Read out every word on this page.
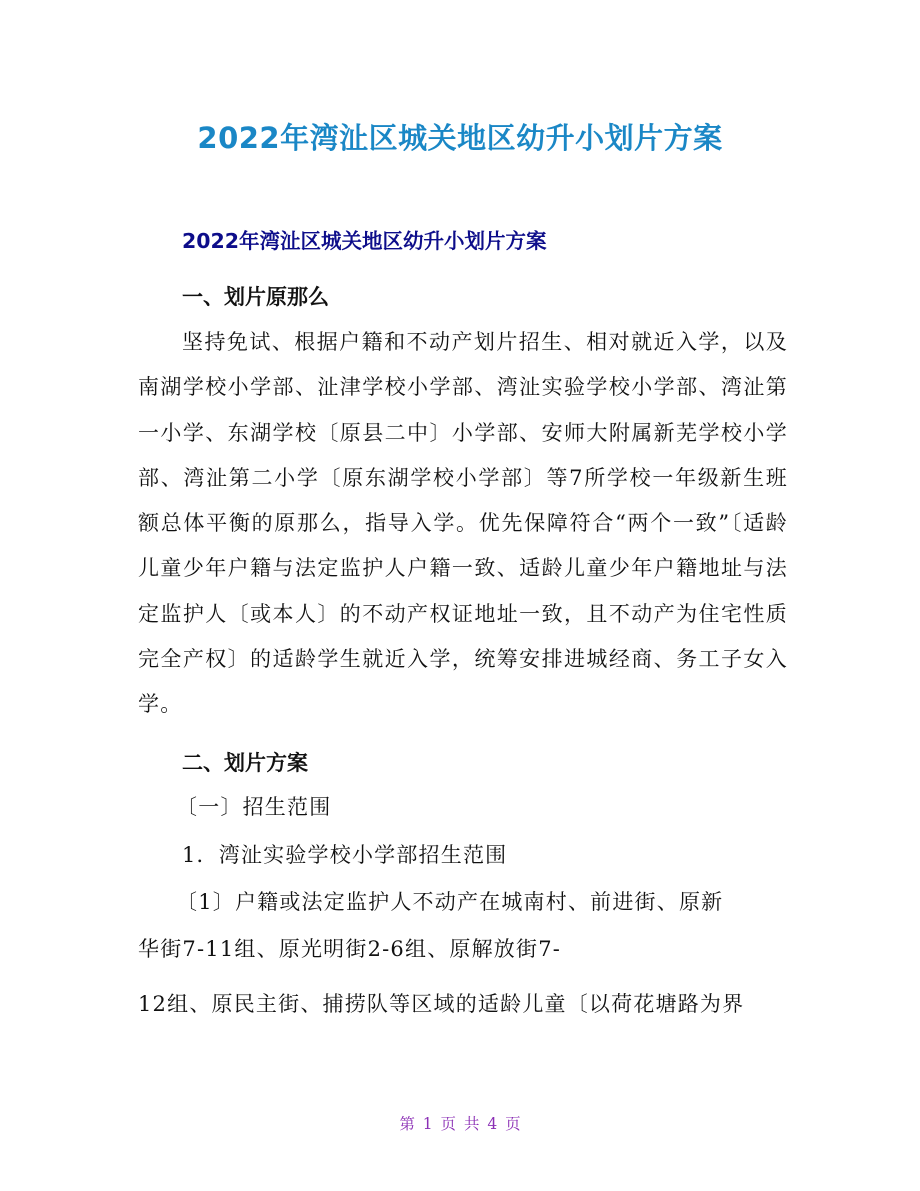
2022年湾沚区城关地区幼升小划片方案
2022年湾沚区城关地区幼升小划片方案
一、划片原那么
坚持免试、根据户籍和不动产划片招生、相对就近入学，以及南湖学校小学部、沚津学校小学部、湾沚实验学校小学部、湾沚第一小学、东湖学校〔原县二中〕小学部、安师大附属新芜学校小学部、湾沚第二小学〔原东湖学校小学部〕等7所学校一年级新生班额总体平衡的原那么，指导入学。优先保障符合“两个一致”〔适龄儿童少年户籍与法定监护人户籍一致、适龄儿童少年户籍地址与法定监护人〔或本人〕的不动产权证地址一致，且不动产为住宅性质完全产权〕的适龄学生就近入学，统筹安排进城经商、务工子女入学。
二、划片方案
〔一〕招生范围
1．湾沚实验学校小学部招生范围
〔1〕户籍或法定监护人不动产在城南村、前进街、原新
华街7-11组、原光明街2-6组、原解放街7-
12组、原民主街、捕捞队等区域的适龄儿童〔以荷花塘路为界
第 1 页 共 4 页
